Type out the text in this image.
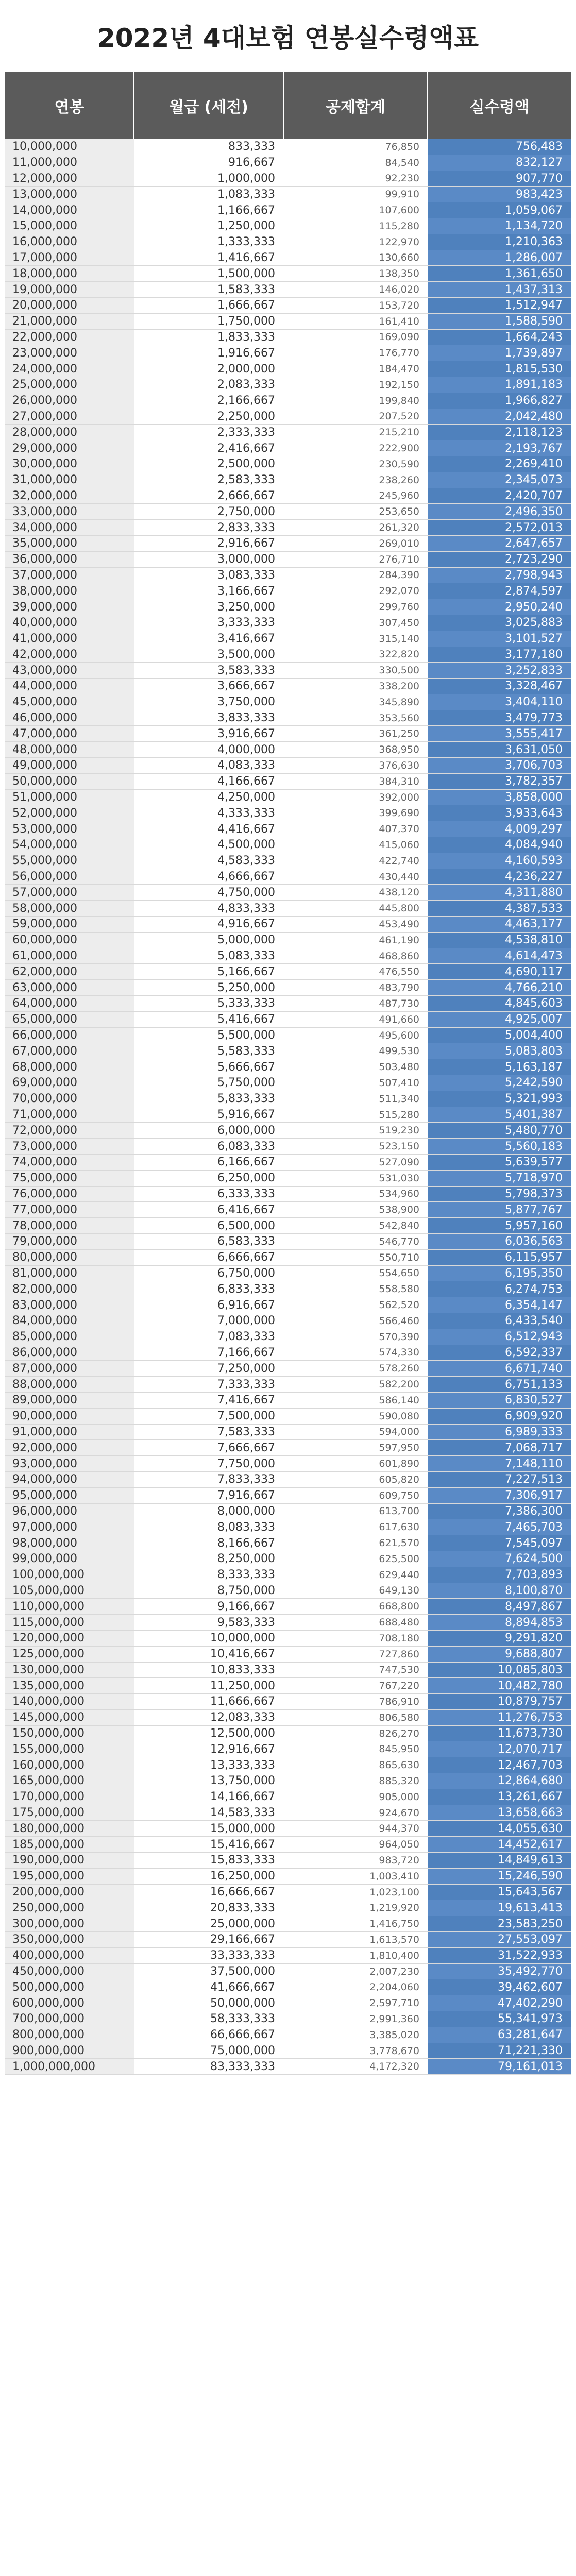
2022년 4대보험 연봉실수령액표
연봉	월급 (세전)	공제합계	실수령액
10,000,000	833,333	76,850	756,483
11,000,000	916,667	84,540	832,127
12,000,000	1,000,000	92,230	907,770
13,000,000	1,083,333	99,910	983,423
14,000,000	1,166,667	107,600	1,059,067
15,000,000	1,250,000	115,280	1,134,720
16,000,000	1,333,333	122,970	1,210,363
17,000,000	1,416,667	130,660	1,286,007
18,000,000	1,500,000	138,350	1,361,650
19,000,000	1,583,333	146,020	1,437,313
20,000,000	1,666,667	153,720	1,512,947
21,000,000	1,750,000	161,410	1,588,590
22,000,000	1,833,333	169,090	1,664,243
23,000,000	1,916,667	176,770	1,739,897
24,000,000	2,000,000	184,470	1,815,530
25,000,000	2,083,333	192,150	1,891,183
26,000,000	2,166,667	199,840	1,966,827
27,000,000	2,250,000	207,520	2,042,480
28,000,000	2,333,333	215,210	2,118,123
29,000,000	2,416,667	222,900	2,193,767
30,000,000	2,500,000	230,590	2,269,410
31,000,000	2,583,333	238,260	2,345,073
32,000,000	2,666,667	245,960	2,420,707
33,000,000	2,750,000	253,650	2,496,350
34,000,000	2,833,333	261,320	2,572,013
35,000,000	2,916,667	269,010	2,647,657
36,000,000	3,000,000	276,710	2,723,290
37,000,000	3,083,333	284,390	2,798,943
38,000,000	3,166,667	292,070	2,874,597
39,000,000	3,250,000	299,760	2,950,240
40,000,000	3,333,333	307,450	3,025,883
41,000,000	3,416,667	315,140	3,101,527
42,000,000	3,500,000	322,820	3,177,180
43,000,000	3,583,333	330,500	3,252,833
44,000,000	3,666,667	338,200	3,328,467
45,000,000	3,750,000	345,890	3,404,110
46,000,000	3,833,333	353,560	3,479,773
47,000,000	3,916,667	361,250	3,555,417
48,000,000	4,000,000	368,950	3,631,050
49,000,000	4,083,333	376,630	3,706,703
50,000,000	4,166,667	384,310	3,782,357
51,000,000	4,250,000	392,000	3,858,000
52,000,000	4,333,333	399,690	3,933,643
53,000,000	4,416,667	407,370	4,009,297
54,000,000	4,500,000	415,060	4,084,940
55,000,000	4,583,333	422,740	4,160,593
56,000,000	4,666,667	430,440	4,236,227
57,000,000	4,750,000	438,120	4,311,880
58,000,000	4,833,333	445,800	4,387,533
59,000,000	4,916,667	453,490	4,463,177
60,000,000	5,000,000	461,190	4,538,810
61,000,000	5,083,333	468,860	4,614,473
62,000,000	5,166,667	476,550	4,690,117
63,000,000	5,250,000	483,790	4,766,210
64,000,000	5,333,333	487,730	4,845,603
65,000,000	5,416,667	491,660	4,925,007
66,000,000	5,500,000	495,600	5,004,400
67,000,000	5,583,333	499,530	5,083,803
68,000,000	5,666,667	503,480	5,163,187
69,000,000	5,750,000	507,410	5,242,590
70,000,000	5,833,333	511,340	5,321,993
71,000,000	5,916,667	515,280	5,401,387
72,000,000	6,000,000	519,230	5,480,770
73,000,000	6,083,333	523,150	5,560,183
74,000,000	6,166,667	527,090	5,639,577
75,000,000	6,250,000	531,030	5,718,970
76,000,000	6,333,333	534,960	5,798,373
77,000,000	6,416,667	538,900	5,877,767
78,000,000	6,500,000	542,840	5,957,160
79,000,000	6,583,333	546,770	6,036,563
80,000,000	6,666,667	550,710	6,115,957
81,000,000	6,750,000	554,650	6,195,350
82,000,000	6,833,333	558,580	6,274,753
83,000,000	6,916,667	562,520	6,354,147
84,000,000	7,000,000	566,460	6,433,540
85,000,000	7,083,333	570,390	6,512,943
86,000,000	7,166,667	574,330	6,592,337
87,000,000	7,250,000	578,260	6,671,740
88,000,000	7,333,333	582,200	6,751,133
89,000,000	7,416,667	586,140	6,830,527
90,000,000	7,500,000	590,080	6,909,920
91,000,000	7,583,333	594,000	6,989,333
92,000,000	7,666,667	597,950	7,068,717
93,000,000	7,750,000	601,890	7,148,110
94,000,000	7,833,333	605,820	7,227,513
95,000,000	7,916,667	609,750	7,306,917
96,000,000	8,000,000	613,700	7,386,300
97,000,000	8,083,333	617,630	7,465,703
98,000,000	8,166,667	621,570	7,545,097
99,000,000	8,250,000	625,500	7,624,500
100,000,000	8,333,333	629,440	7,703,893
105,000,000	8,750,000	649,130	8,100,870
110,000,000	9,166,667	668,800	8,497,867
115,000,000	9,583,333	688,480	8,894,853
120,000,000	10,000,000	708,180	9,291,820
125,000,000	10,416,667	727,860	9,688,807
130,000,000	10,833,333	747,530	10,085,803
135,000,000	11,250,000	767,220	10,482,780
140,000,000	11,666,667	786,910	10,879,757
145,000,000	12,083,333	806,580	11,276,753
150,000,000	12,500,000	826,270	11,673,730
155,000,000	12,916,667	845,950	12,070,717
160,000,000	13,333,333	865,630	12,467,703
165,000,000	13,750,000	885,320	12,864,680
170,000,000	14,166,667	905,000	13,261,667
175,000,000	14,583,333	924,670	13,658,663
180,000,000	15,000,000	944,370	14,055,630
185,000,000	15,416,667	964,050	14,452,617
190,000,000	15,833,333	983,720	14,849,613
195,000,000	16,250,000	1,003,410	15,246,590
200,000,000	16,666,667	1,023,100	15,643,567
250,000,000	20,833,333	1,219,920	19,613,413
300,000,000	25,000,000	1,416,750	23,583,250
350,000,000	29,166,667	1,613,570	27,553,097
400,000,000	33,333,333	1,810,400	31,522,933
450,000,000	37,500,000	2,007,230	35,492,770
500,000,000	41,666,667	2,204,060	39,462,607
600,000,000	50,000,000	2,597,710	47,402,290
700,000,000	58,333,333	2,991,360	55,341,973
800,000,000	66,666,667	3,385,020	63,281,647
900,000,000	75,000,000	3,778,670	71,221,330
1,000,000,000	83,333,333	4,172,320	79,161,013
